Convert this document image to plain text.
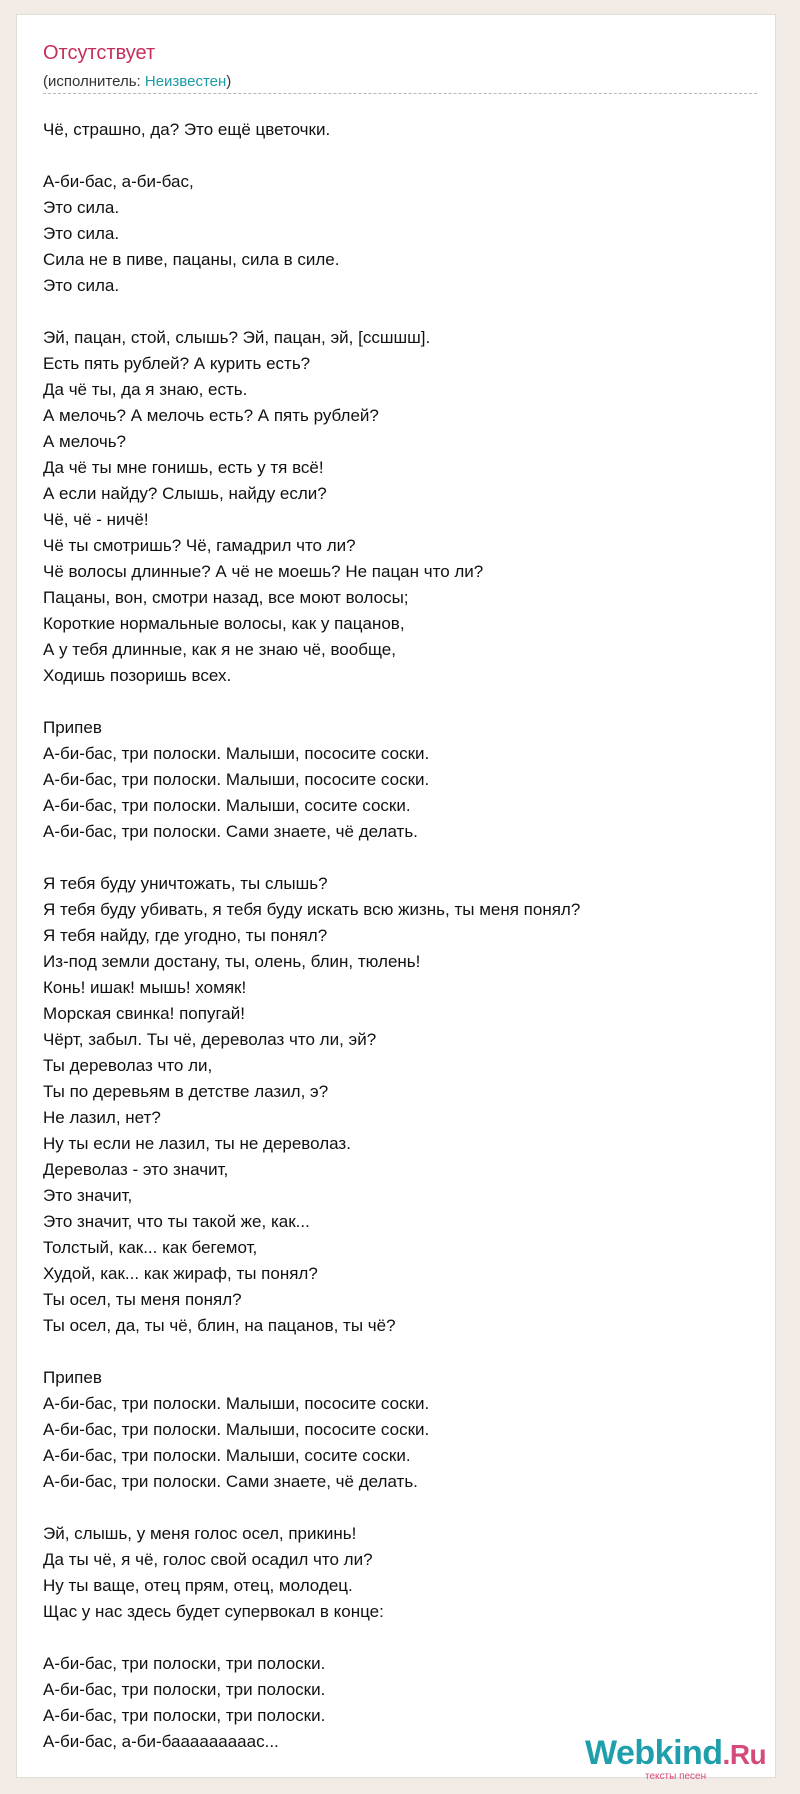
Отсутствует
(исполнитель: Неизвестен)
Чё, страшно, да? Это ещё цветочки.
А-би-бас, а-би-бас,
Это сила.
Это сила.
Сила не в пиве, пацаны, сила в силе.
Это сила.
Эй, пацан, стой, слышь? Эй, пацан, эй, [ссшшш].
Есть пять рублей? А курить есть?
Да чё ты, да я знаю, есть.
А мелочь? А мелочь есть? А пять рублей?
А мелочь?
Да чё ты мне гонишь, есть у тя всё!
А если найду? Слышь, найду если?
Чё, чё - ничё!
Чё ты смотришь? Чё, гамадрил что ли?
Чё волосы длинные? А чё не моешь? Не пацан что ли?
Пацаны, вон, смотри назад, все моют волосы;
Короткие нормальные волосы, как у пацанов,
А у тебя длинные, как я не знаю чё, вообще,
Ходишь позоришь всех.
Припев
А-би-бас, три полоски. Малыши, пососите соски.
А-би-бас, три полоски. Малыши, пососите соски.
А-би-бас, три полоски. Малыши, сосите соски.
А-би-бас, три полоски. Сами знаете, чё делать.
Я тебя буду уничтожать, ты слышь?
Я тебя буду убивать, я тебя буду искать всю жизнь, ты меня понял?
Я тебя найду, где угодно, ты понял?
Из-под земли достану, ты, олень, блин, тюлень!
Конь! ишак! мышь! хомяк!
Морская свинка! попугай!
Чёрт, забыл. Ты чё, дереволаз что ли, эй?
Ты дереволаз что ли,
Ты по деревьям в детстве лазил, э?
Не лазил, нет?
Ну ты если не лазил, ты не дереволаз.
Дереволаз - это значит,
Это значит,
Это значит, что ты такой же, как...
Толстый, как... как бегемот,
Худой, как... как жираф, ты понял?
Ты осел, ты меня понял?
Ты осел, да, ты чё, блин, на пацанов, ты чё?
Припев
А-би-бас, три полоски. Малыши, пососите соски.
А-би-бас, три полоски. Малыши, пососите соски.
А-би-бас, три полоски. Малыши, сосите соски.
А-би-бас, три полоски. Сами знаете, чё делать.
Эй, слышь, у меня голос осел, прикинь!
Да ты чё, я чё, голос свой осадил что ли?
Ну ты ваще, отец прям, отец, молодец.
Щас у нас здесь будет супервокал в конце:
А-би-бас, три полоски, три полоски.
А-би-бас, три полоски, три полоски.
А-би-бас, три полоски, три полоски.
А-би-бас, а-би-бааааааааас...	Webkind.Ru
тексты песен
